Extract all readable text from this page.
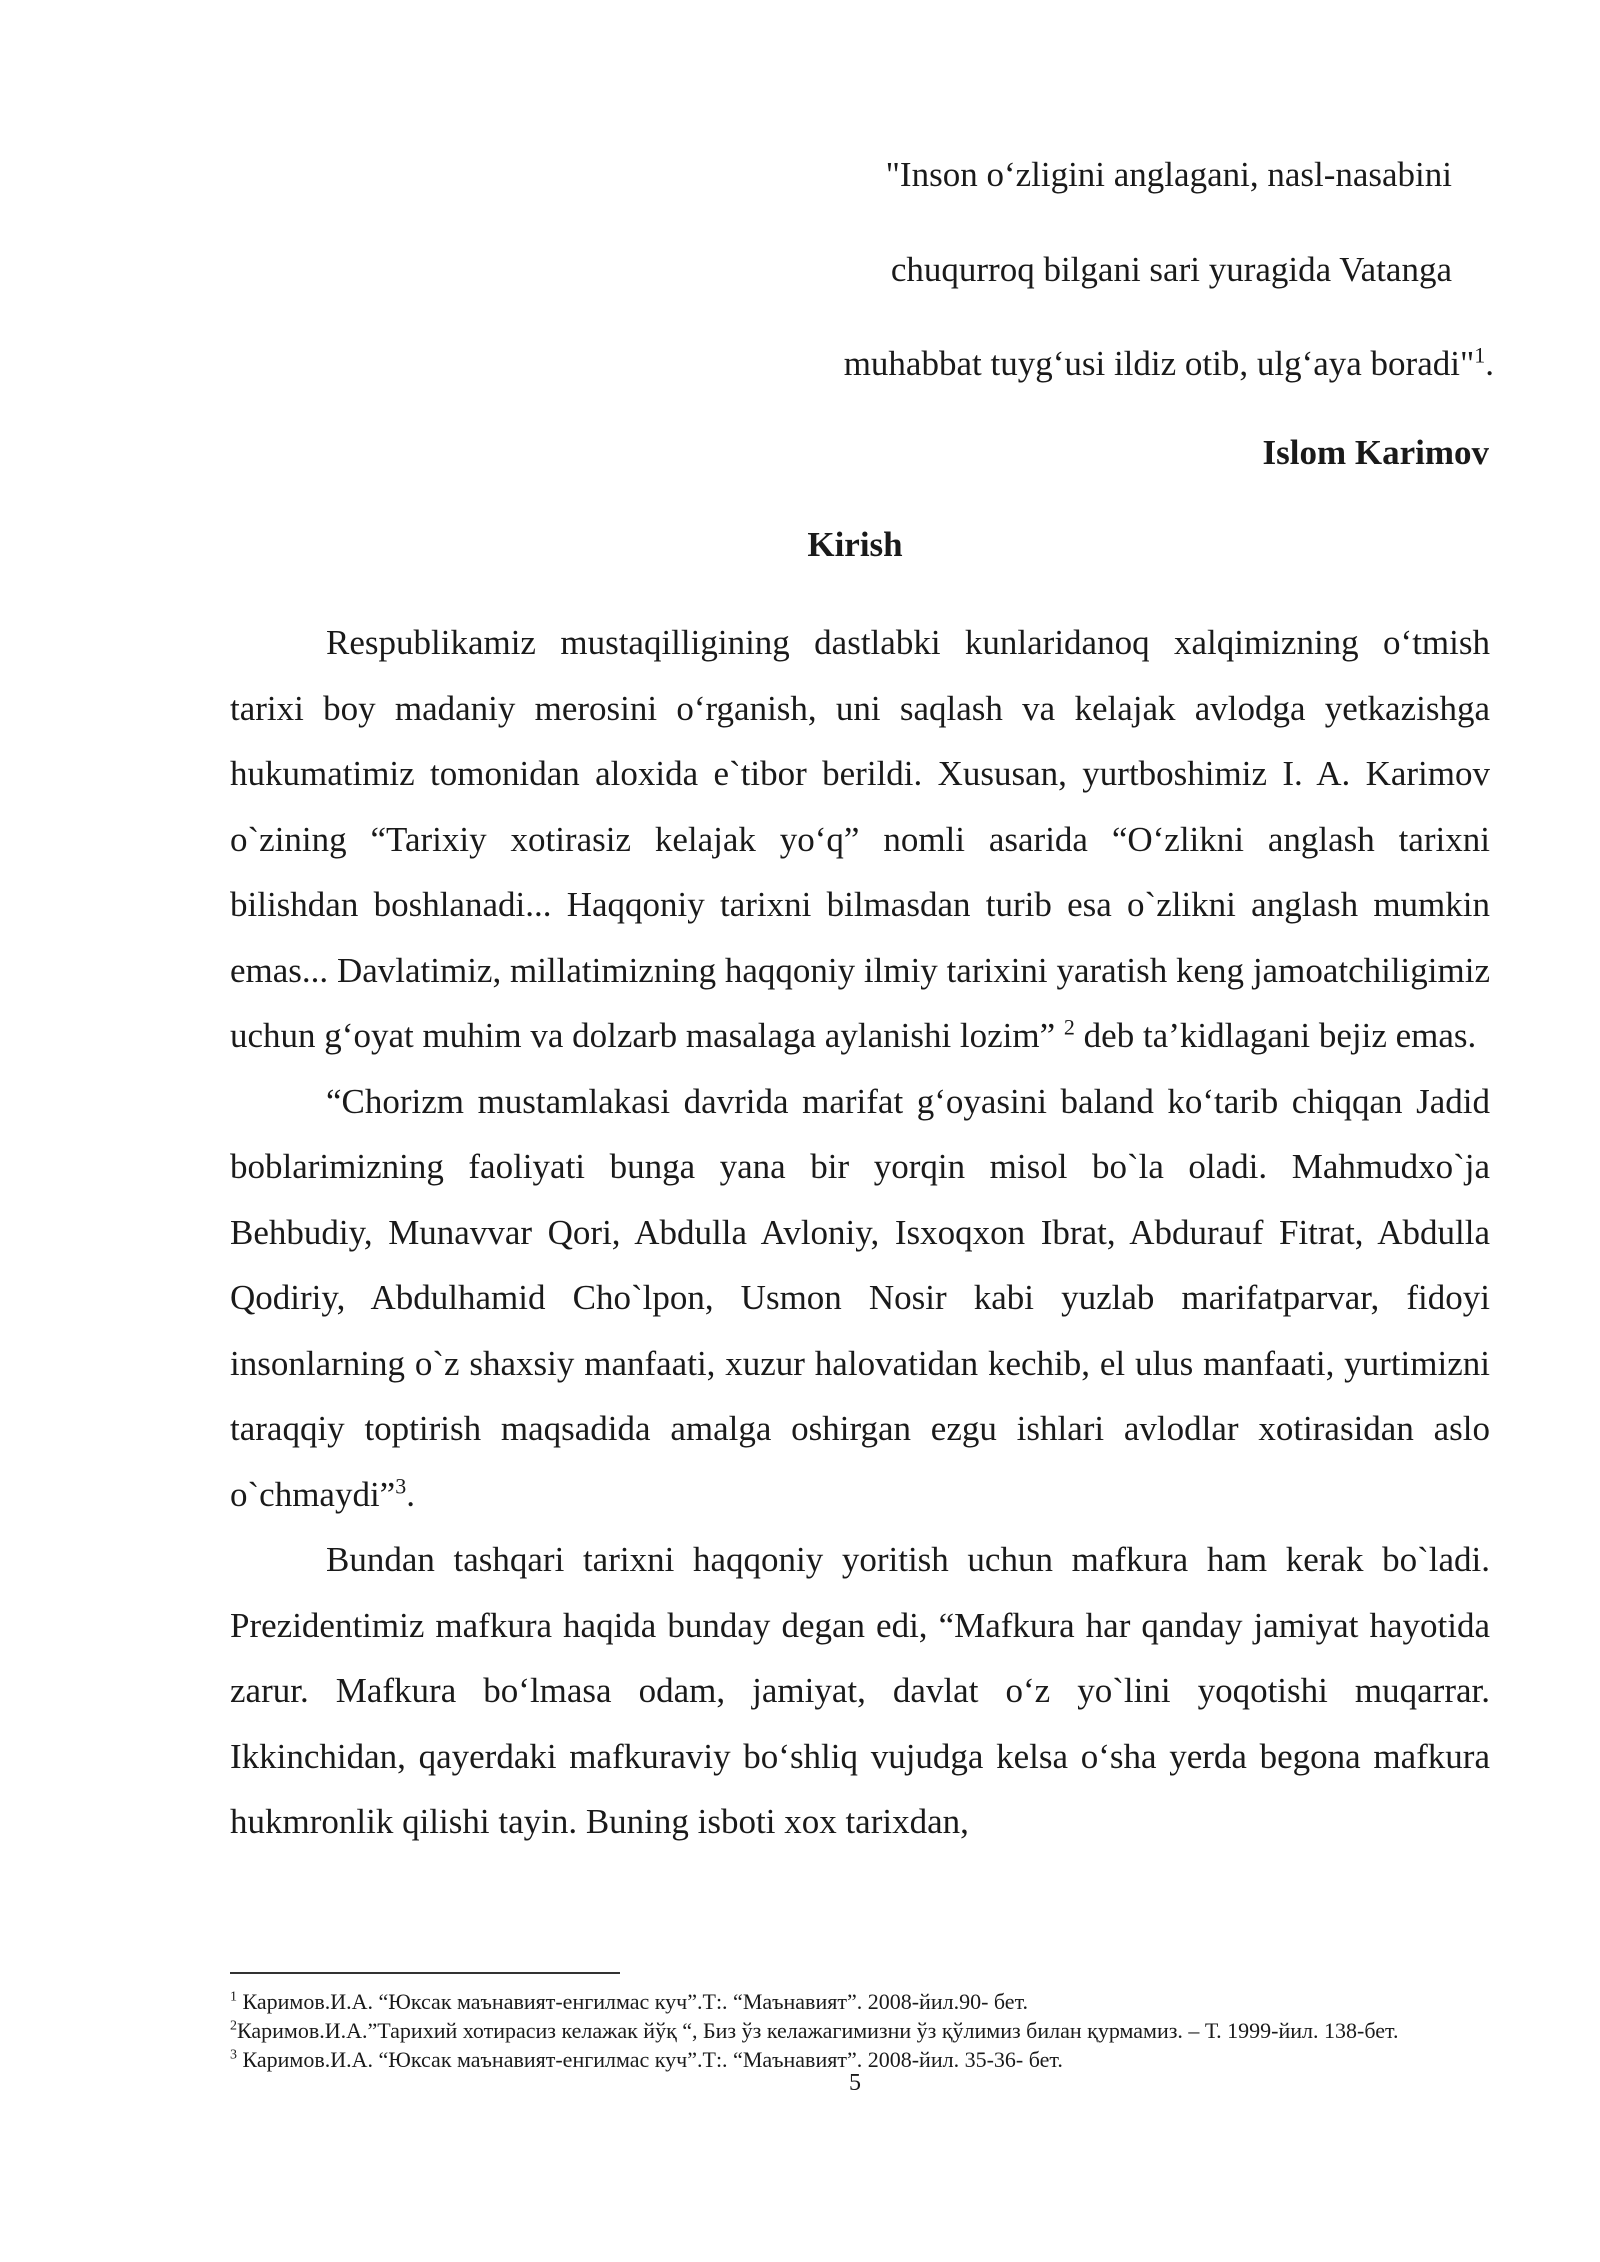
"Inson o‘zligini anglagani, nasl-nasabini
chuqurroq bilgani sari yuragida Vatanga
muhabbat tuyg‘usi ildiz otib, ulg‘aya boradi"$^1$.
Islom Karimov
Kirish

Respublikamiz mustaqilligining dastlabki kunlaridanoq xalqimizning o‘tmish tarixi boy madaniy merosini o‘rganish, uni saqlash va kelajak avlodga yetkazishga hukumatimiz tomonidan aloxida e`tibor berildi. Xususan, yurtboshimiz I. A. Karimov o`zining “Tarixiy xotirasiz kelajak yo‘q” nomli asarida “O‘zlikni anglash tarixni bilishdan boshlanadi... Haqqoniy tarixni bilmasdan turib esa o`zlikni anglash mumkin emas... Davlatimiz, millatimizning haqqoniy ilmiy tarixini yaratish keng jamoatchiligimiz uchun g‘oyat muhim va dolzarb masalaga aylanishi lozim” $^2$ deb ta’kidlagani bejiz emas.

“Chorizm mustamlakasi davrida marifat g‘oyasini baland ko‘tarib chiqqan Jadid boblarimizning faoliyati bunga yana bir yorqin misol bo`la oladi. Mahmudxo`ja Behbudiy, Munavvar Qori, Abdulla Avloniy, Isxoqxon Ibrat, Abdurauf Fitrat, Abdulla Qodiriy, Abdulhamid Cho`lpon, Usmon Nosir kabi yuzlab marifatparvar, fidoyi insonlarning o`z shaxsiy manfaati, xuzur halovatidan kechib, el ulus manfaati, yurtimizni taraqqiy toptirish maqsadida amalga oshirgan ezgu ishlari avlodlar xotirasidan aslo o`chmaydi”$^3$.

Bundan tashqari tarixni haqqoniy yoritish uchun mafkura ham kerak bo`ladi. Prezidentimiz mafkura haqida bunday degan edi, “Mafkura har qanday jamiyat hayotida zarur. Mafkura bo‘lmasa odam, jamiyat, davlat o‘z yo`lini yoqotishi muqarrar. Ikkinchidan, qayerdaki mafkuraviy bo‘shliq vujudga kelsa o‘sha yerda begona mafkura hukmronlik qilishi tayin. Buning isboti xox tarixdan,

$^1$ Каримов.И.А. “Юксак маънавият-енгилмас куч”.Т:. “Маънавият”. 2008-йил.90- бет.

$^2$Каримов.И.А.”Тарихий хотирасиз келажак йўқ “, Биз ўз келажагимизни ўз қўлимиз билан қурмамиз. – Т. 1999-йил. 138-бет.

$^3$ Каримов.И.А. “Юксак маънавият-енгилмас куч”.Т:. “Маънавият”. 2008-йил. 35-36- бет.

5
